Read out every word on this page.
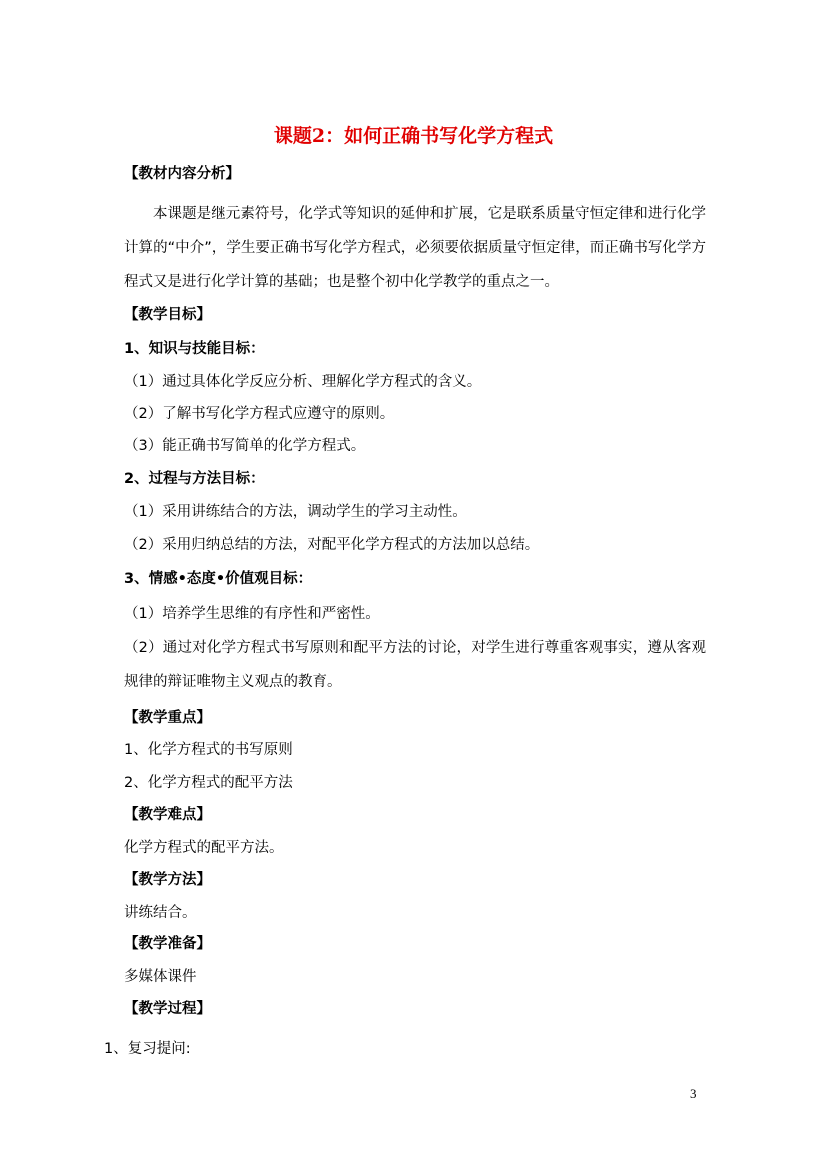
课题2：如何正确书写化学方程式
【教材内容分析】
本课题是继元素符号，化学式等知识的延伸和扩展，它是联系质量守恒定律和进行化学计算的“中介”，学生要正确书写化学方程式，必须要依据质量守恒定律，而正确书写化学方程式又是进行化学计算的基础；也是整个初中化学教学的重点之一。
【教学目标】
1、知识与技能目标：
（1）通过具体化学反应分析、理解化学方程式的含义。
（2）了解书写化学方程式应遵守的原则。
（3）能正确书写简单的化学方程式。
2、过程与方法目标：
（1）采用讲练结合的方法，调动学生的学习主动性。
（2）采用归纳总结的方法，对配平化学方程式的方法加以总结。
3、情感•态度•价值观目标：
（1）培养学生思维的有序性和严密性。
（2）通过对化学方程式书写原则和配平方法的讨论，对学生进行尊重客观事实，遵从客观规律的辩证唯物主义观点的教育。
【教学重点】
1、化学方程式的书写原则
2、化学方程式的配平方法
【教学难点】
化学方程式的配平方法。
【教学方法】
讲练结合。
【教学准备】
多媒体课件
【教学过程】
1、复习提问:
3
